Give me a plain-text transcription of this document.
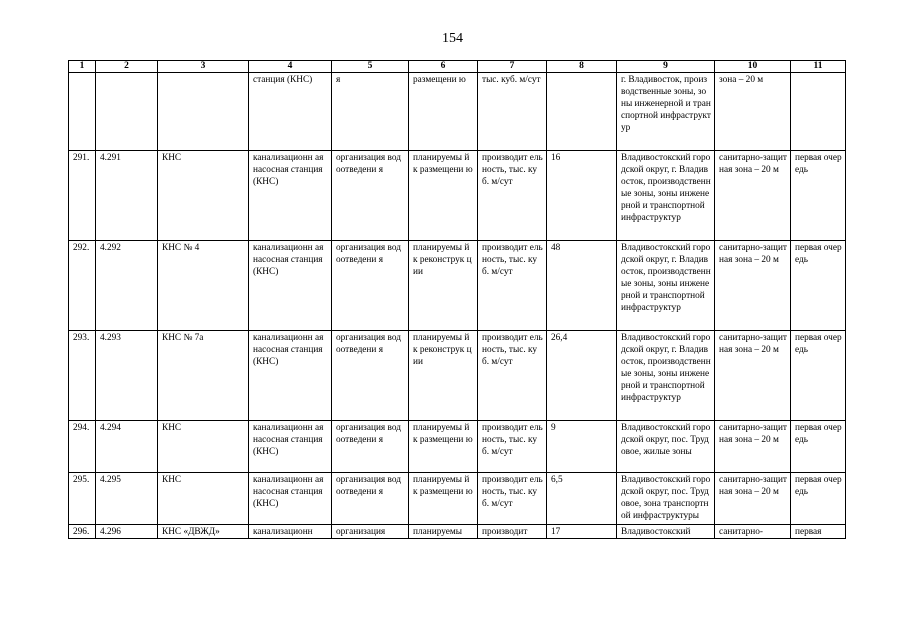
154
1	2	3	4	5	6	7	8	9	10	11
			станция (КНС)	я	размещени ю	тыс. куб. м/сут		г. Владивосток, производственные зоны, зоны инженерной и транспортной инфраструктур	зона – 20 м	
291.	4.291	КНС	канализационн ая насосная станция (КНС)	организация водоотведени я	планируемы й к размещени ю	производит ельность, тыс. куб. м/сут	16	Владивостокский городской округ, г. Владивосток, производственные зоны, зоны инженерной и транспортной инфраструктур	санитарно-защитная зона – 20 м	первая очередь
292.	4.292	КНС № 4	канализационн ая насосная станция (КНС)	организация водоотведени я	планируемы й к реконструк ции	производит ельность, тыс. куб. м/сут	48	Владивостокский городской округ, г. Владивосток, производственные зоны, зоны инженерной и транспортной инфраструктур	санитарно-защитная зона – 20 м	первая очередь
293.	4.293	КНС № 7а	канализационн ая насосная станция (КНС)	организация водоотведени я	планируемы й к реконструк ции	производит ельность, тыс. куб. м/сут	26,4	Владивостокский городской округ, г. Владивосток, производственные зоны, зоны инженерной и транспортной инфраструктур	санитарно-защитная зона – 20 м	первая очередь
294.	4.294	КНС	канализационн ая насосная станция (КНС)	организация водоотведени я	планируемы й к размещени ю	производит ельность, тыс. куб. м/сут	9	Владивостокский городской округ, пос. Трудовое, жилые зоны	санитарно-защитная зона – 20 м	первая очередь
295.	4.295	КНС	канализационн ая насосная станция (КНС)	организация водоотведени я	планируемы й к размещени ю	производит ельность, тыс. куб. м/сут	6,5	Владивостокский городской округ, пос. Трудовое, зона транспортной инфраструктуры	санитарно-защитная зона – 20 м	первая очередь
296.	4.296	КНС «ДВЖД»	канализационн	организация	планируемы	производит	17	Владивостокский	санитарно-	первая
